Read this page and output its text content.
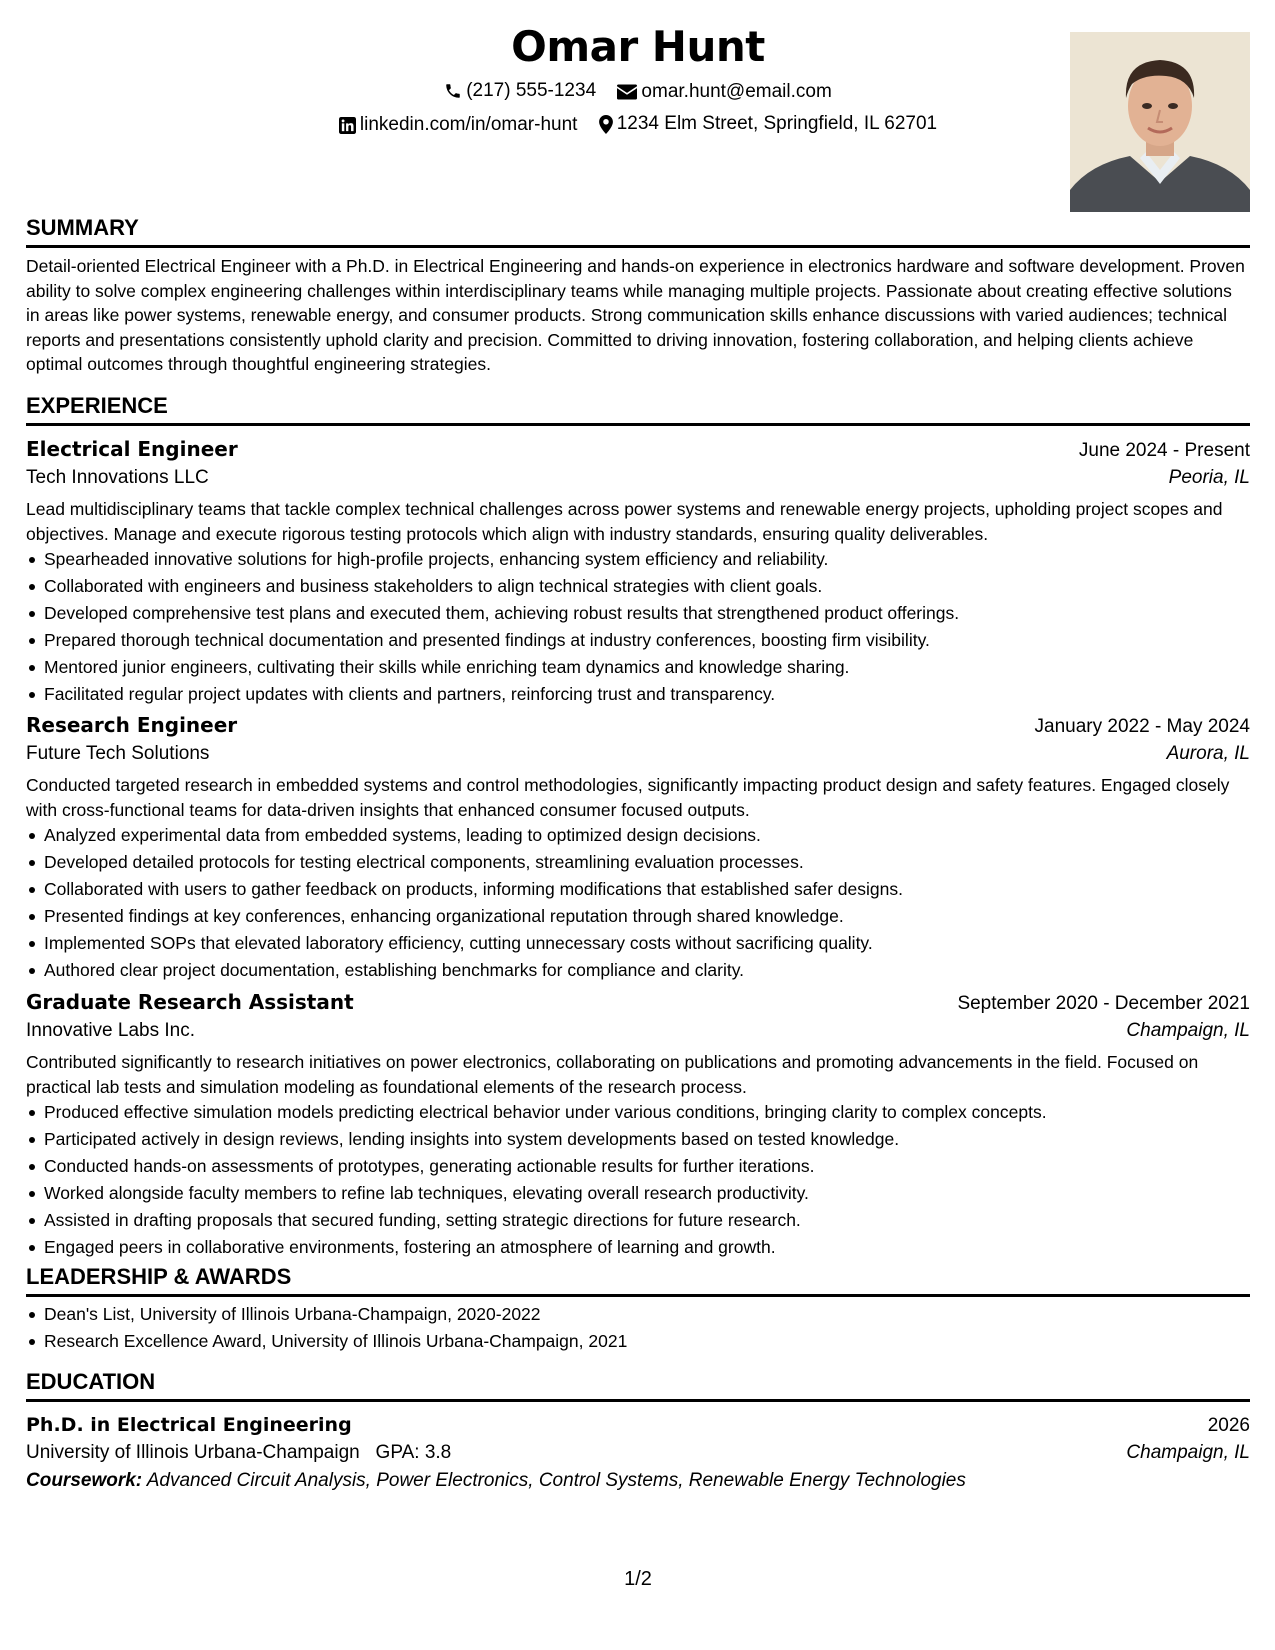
Omar Hunt
(217) 555-1234
omar.hunt@email.com
linkedin.com/in/omar-hunt
1234 Elm Street, Springfield, IL 62701
SUMMARY
Detail-oriented Electrical Engineer with a Ph.D. in Electrical Engineering and hands-on experience in electronics hardware and software development. Proven ability to solve complex engineering challenges within interdisciplinary teams while managing multiple projects. Passionate about creating effective solutions in areas like power systems, renewable energy, and consumer products. Strong communication skills enhance discussions with varied audiences; technical reports and presentations consistently uphold clarity and precision. Committed to driving innovation, fostering collaboration, and helping clients achieve optimal outcomes through thoughtful engineering strategies.
EXPERIENCE
Electrical Engineer	June 2024 - Present
Tech Innovations LLC	Peoria, IL
Lead multidisciplinary teams that tackle complex technical challenges across power systems and renewable energy projects, upholding project scopes and objectives. Manage and execute rigorous testing protocols which align with industry standards, ensuring quality deliverables.
Spearheaded innovative solutions for high-profile projects, enhancing system efficiency and reliability.
Collaborated with engineers and business stakeholders to align technical strategies with client goals.
Developed comprehensive test plans and executed them, achieving robust results that strengthened product offerings.
Prepared thorough technical documentation and presented findings at industry conferences, boosting firm visibility.
Mentored junior engineers, cultivating their skills while enriching team dynamics and knowledge sharing.
Facilitated regular project updates with clients and partners, reinforcing trust and transparency.
Research Engineer	January 2022 - May 2024
Future Tech Solutions	Aurora, IL
Conducted targeted research in embedded systems and control methodologies, significantly impacting product design and safety features. Engaged closely with cross-functional teams for data-driven insights that enhanced consumer focused outputs.
Analyzed experimental data from embedded systems, leading to optimized design decisions.
Developed detailed protocols for testing electrical components, streamlining evaluation processes.
Collaborated with users to gather feedback on products, informing modifications that established safer designs.
Presented findings at key conferences, enhancing organizational reputation through shared knowledge.
Implemented SOPs that elevated laboratory efficiency, cutting unnecessary costs without sacrificing quality.
Authored clear project documentation, establishing benchmarks for compliance and clarity.
Graduate Research Assistant	September 2020 - December 2021
Innovative Labs Inc.	Champaign, IL
Contributed significantly to research initiatives on power electronics, collaborating on publications and promoting advancements in the field. Focused on practical lab tests and simulation modeling as foundational elements of the research process.
Produced effective simulation models predicting electrical behavior under various conditions, bringing clarity to complex concepts.
Participated actively in design reviews, lending insights into system developments based on tested knowledge.
Conducted hands-on assessments of prototypes, generating actionable results for further iterations.
Worked alongside faculty members to refine lab techniques, elevating overall research productivity.
Assisted in drafting proposals that secured funding, setting strategic directions for future research.
Engaged peers in collaborative environments, fostering an atmosphere of learning and growth.
LEADERSHIP & AWARDS
Dean's List, University of Illinois Urbana-Champaign, 2020-2022
Research Excellence Award, University of Illinois Urbana-Champaign, 2021
EDUCATION
Ph.D. in Electrical Engineering	2026
University of Illinois Urbana-Champaign GPA: 3.8	Champaign, IL
Coursework: Advanced Circuit Analysis, Power Electronics, Control Systems, Renewable Energy Technologies
1/2
